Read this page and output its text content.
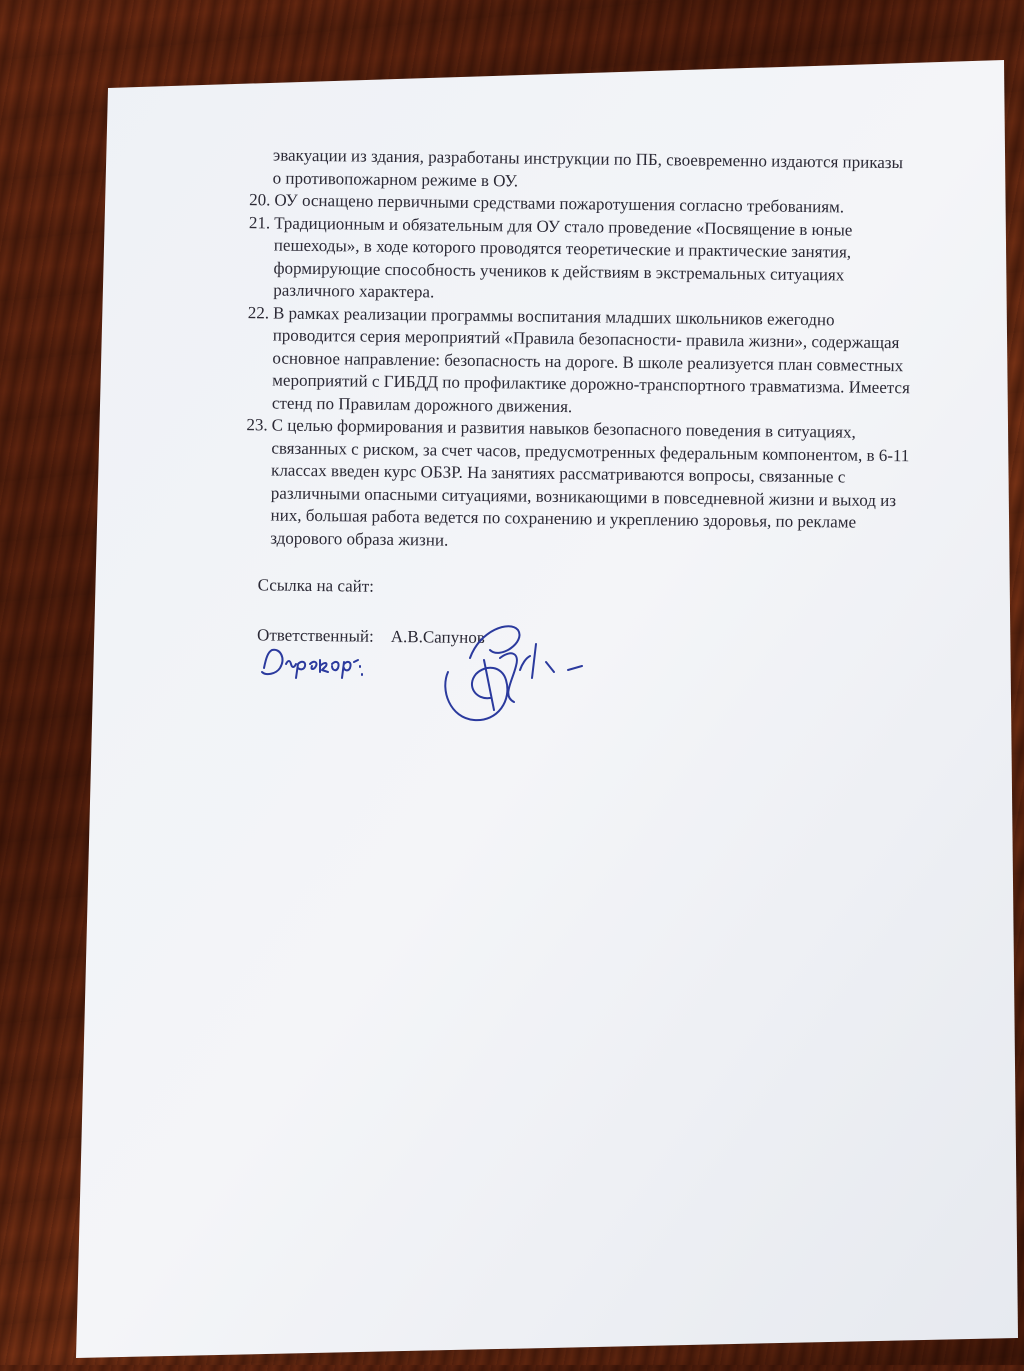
эвакуации из здания, разработаны инструкции по ПБ, своевременно издаются приказы о противопожарном режиме в ОУ.
20. ОУ оснащено первичными средствами пожаротушения согласно требованиям.
21. Традиционным и обязательным для ОУ стало проведение «Посвящение в юные пешеходы», в ходе которого проводятся теоретические и практические занятия, формирующие способность учеников к действиям в экстремальных ситуациях различного характера.
22. В рамках реализации программы воспитания младших школьников ежегодно проводится серия мероприятий «Правила безопасности- правила жизни», содержащая основное направление: безопасность на дороге. В школе реализуется план совместных мероприятий с ГИБДД по профилактике дорожно-транспортного травматизма. Имеется стенд по Правилам дорожного движения.
23. С целью формирования и развития навыков безопасного поведения в ситуациях, связанных с риском, за счет часов, предусмотренных федеральным компонентом, в 6-11 классах введен курс ОБЗР. На занятиях рассматриваются вопросы, связанные с различными опасными ситуациями, возникающими в повседневной жизни и выход из них, большая работа ведется по сохранению и укреплению здоровья, по рекламе здорового образа жизни.
Ссылка на сайт:
Ответственный: А.В.Сапунов
